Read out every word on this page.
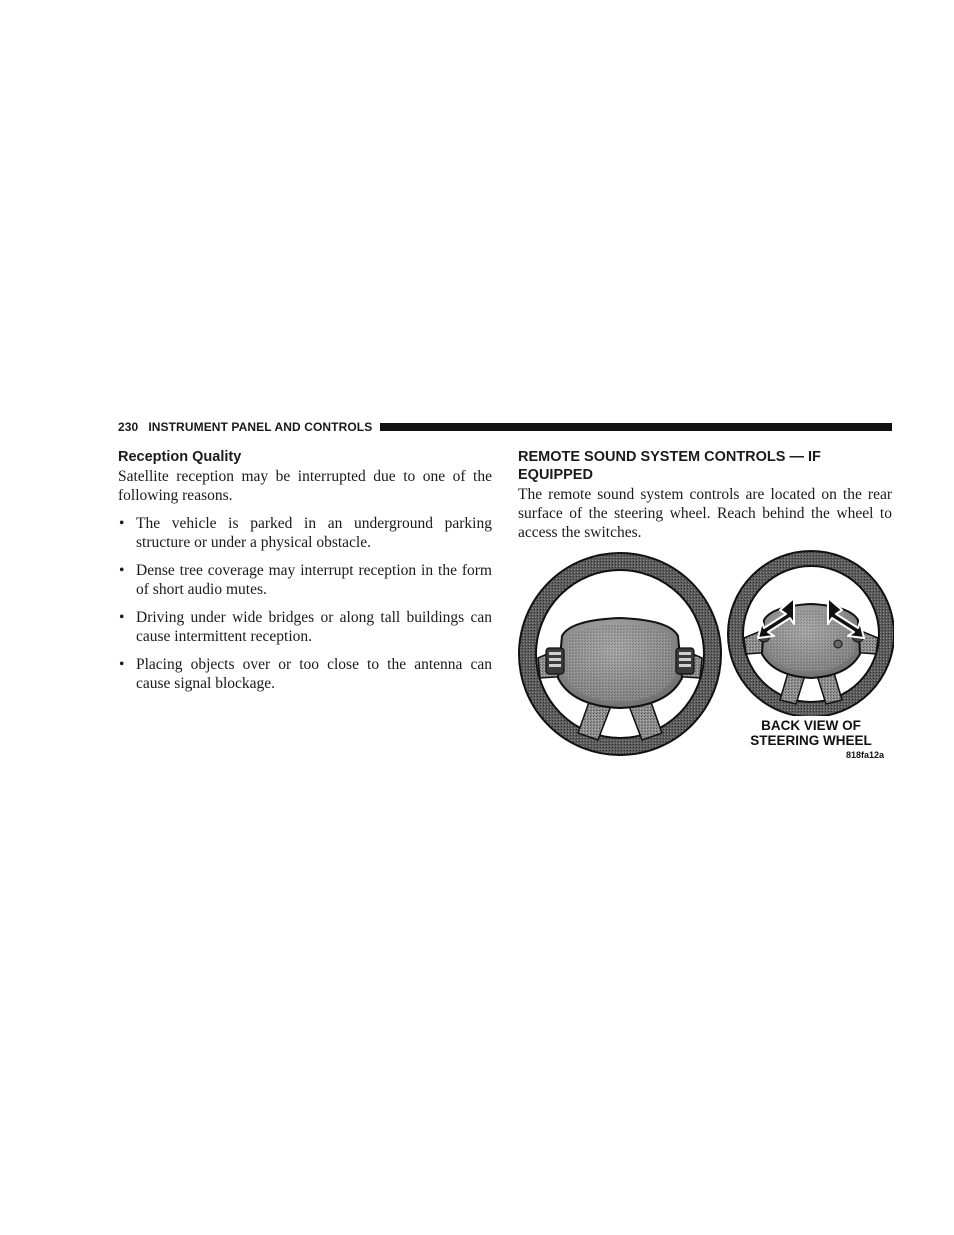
230 INSTRUMENT PANEL AND CONTROLS
Reception Quality

Satellite reception may be interrupted due to one of the following reasons.

• The vehicle is parked in an underground parking structure or under a physical obstacle.
• Dense tree coverage may interrupt reception in the form of short audio mutes.
• Driving under wide bridges or along tall buildings can cause intermittent reception.
• Placing objects over or too close to the antenna can cause signal blockage.
REMOTE SOUND SYSTEM CONTROLS — IF EQUIPPED

The remote sound system controls are located on the rear surface of the steering wheel. Reach behind the wheel to access the switches.

BACK VIEW OF
STEERING WHEEL
818fa12a
